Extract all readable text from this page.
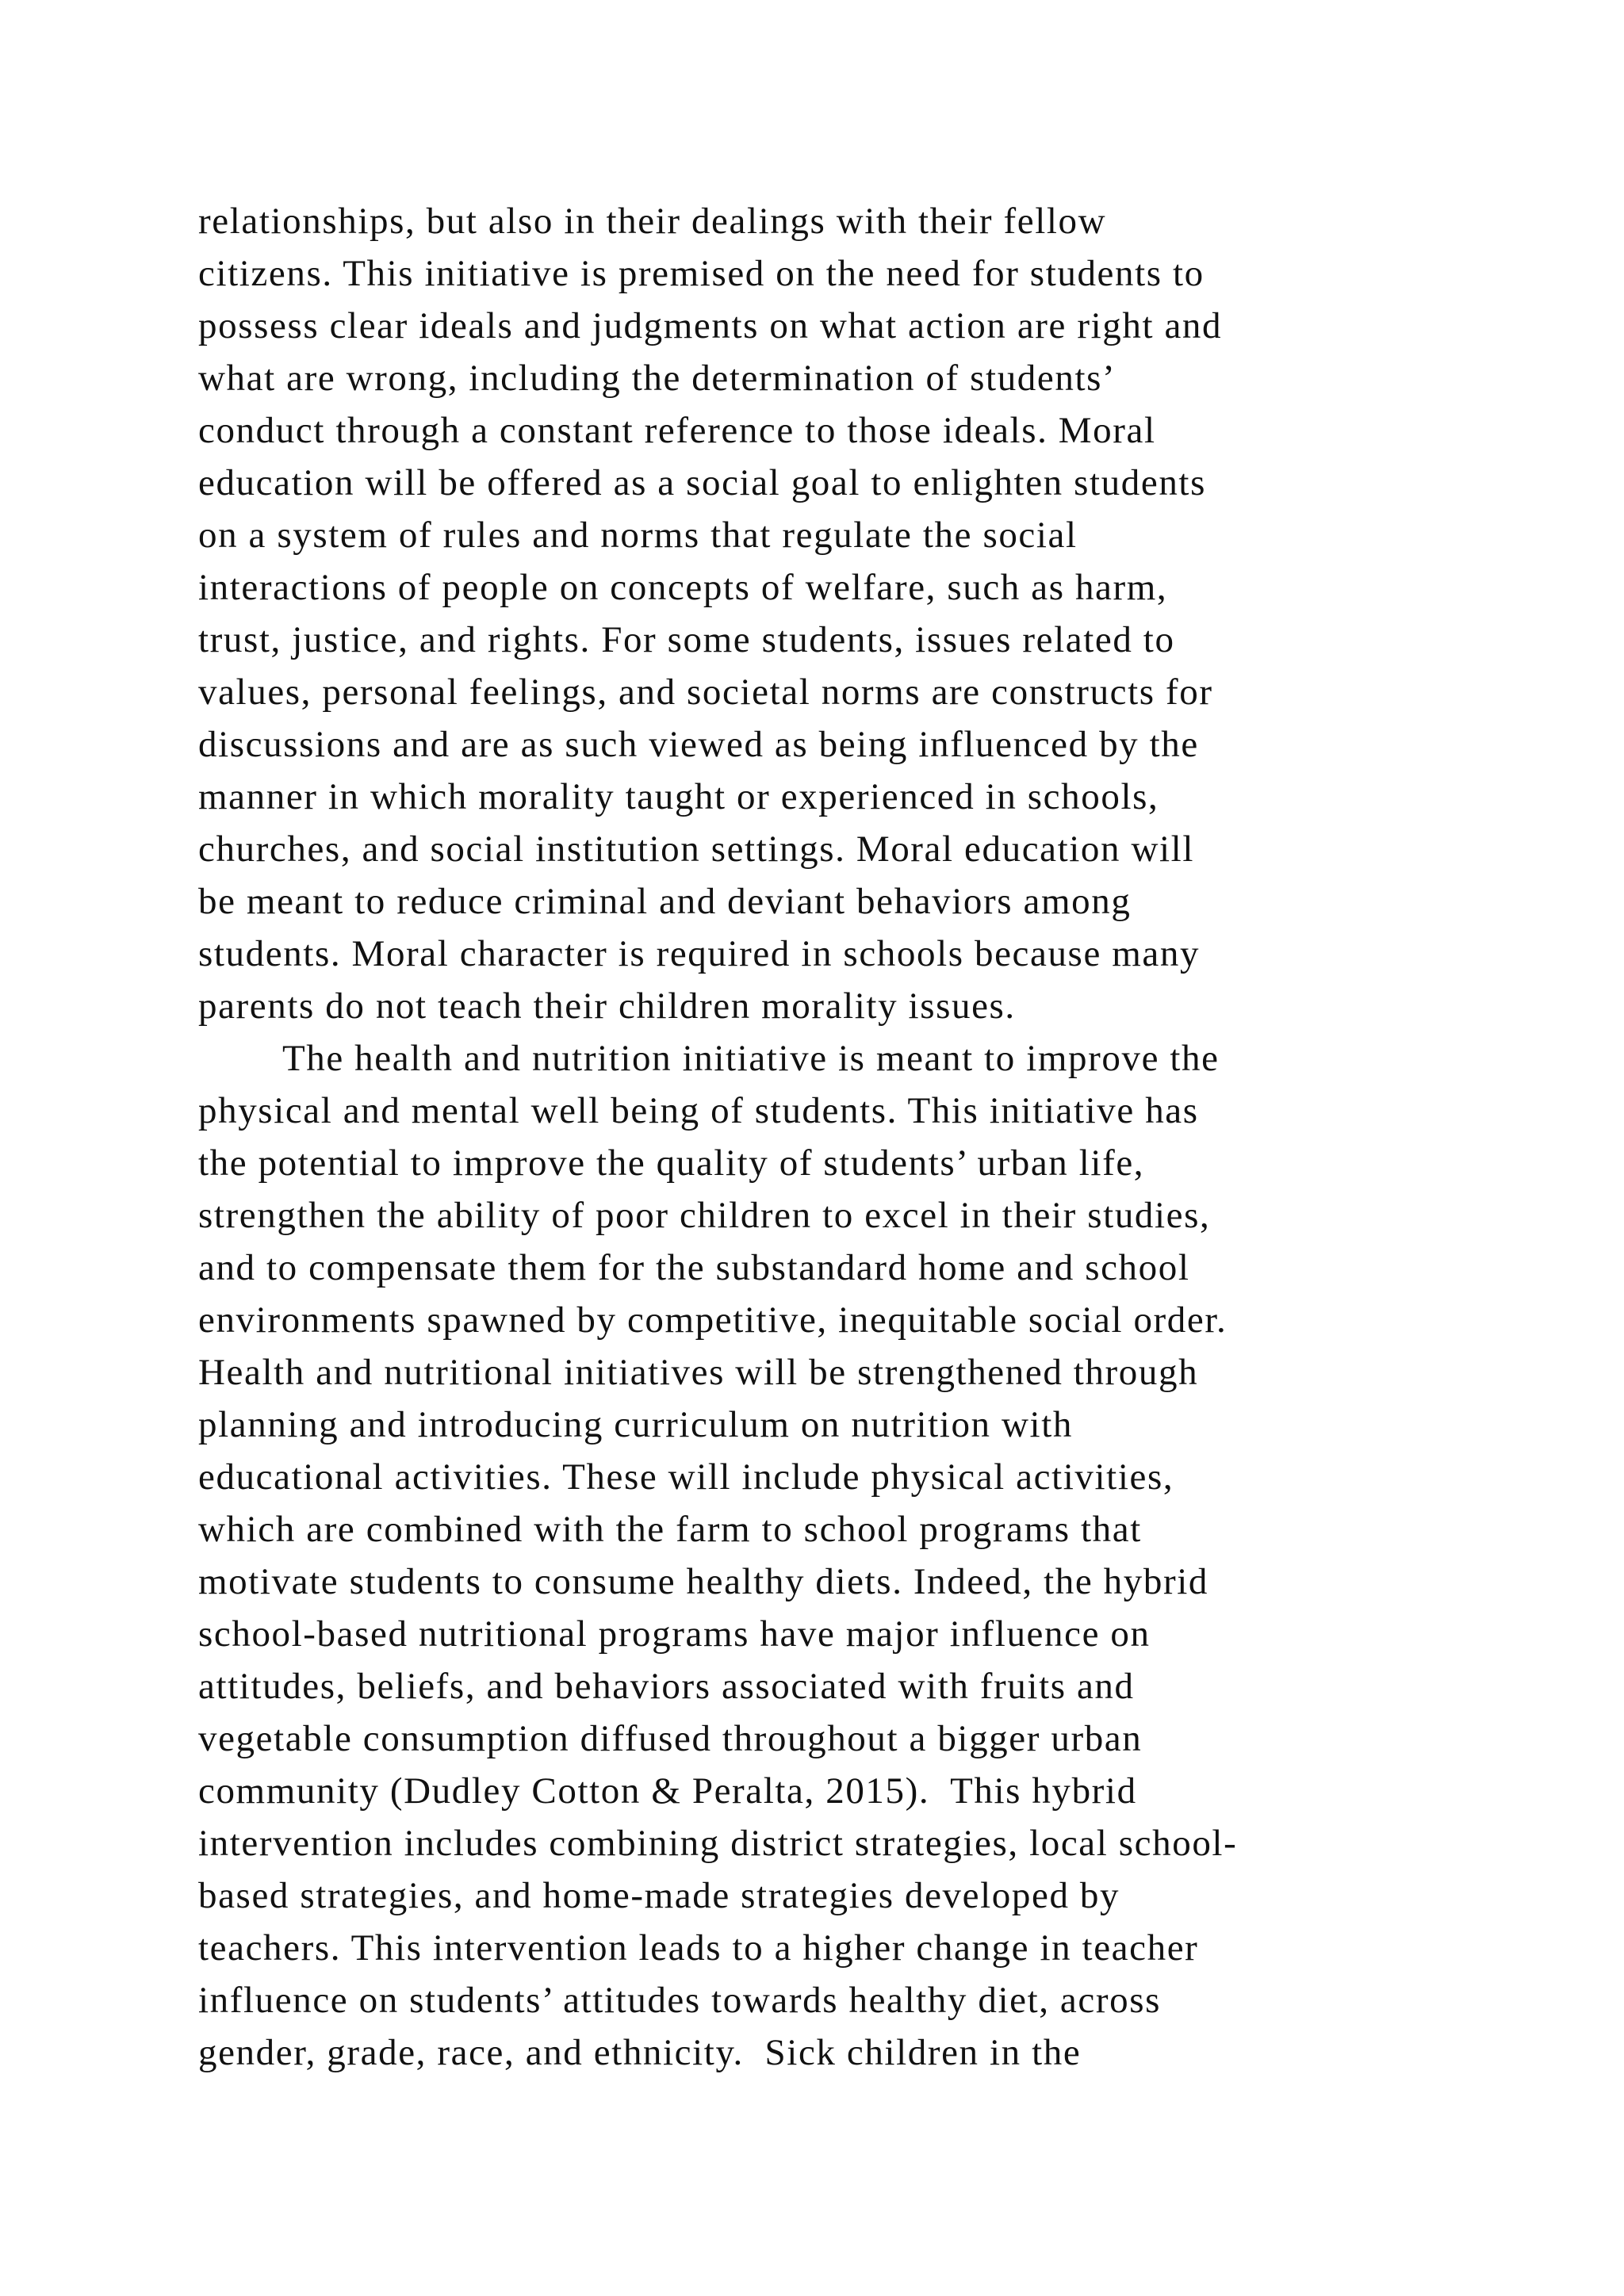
relationships, but also in their dealings with their fellow

citizens. This initiative is premised on the need for students to

possess clear ideals and judgments on what action are right and

what are wrong, including the determination of students’

conduct through a constant reference to those ideals. Moral

education will be offered as a social goal to enlighten students

on a system of rules and norms that regulate the social

interactions of people on concepts of welfare, such as harm,

trust, justice, and rights. For some students, issues related to

values, personal feelings, and societal norms are constructs for

discussions and are as such viewed as being influenced by the

manner in which morality taught or experienced in schools,

churches, and social institution settings. Moral education will

be meant to reduce criminal and deviant behaviors among

students. Moral character is required in schools because many

parents do not teach their children morality issues.

The health and nutrition initiative is meant to improve the

physical and mental well being of students. This initiative has

the potential to improve the quality of students’ urban life,

strengthen the ability of poor children to excel in their studies,

and to compensate them for the substandard home and school

environments spawned by competitive, inequitable social order.

Health and nutritional initiatives will be strengthened through

planning and introducing curriculum on nutrition with

educational activities. These will include physical activities,

which are combined with the farm to school programs that

motivate students to consume healthy diets. Indeed, the hybrid

school-based nutritional programs have major influence on

attitudes, beliefs, and behaviors associated with fruits and

vegetable consumption diffused throughout a bigger urban

community (Dudley Cotton & Peralta, 2015).  This hybrid

intervention includes combining district strategies, local school-

based strategies, and home-made strategies developed by

teachers. This intervention leads to a higher change in teacher

influence on students’ attitudes towards healthy diet, across

gender, grade, race, and ethnicity.  Sick children in the
